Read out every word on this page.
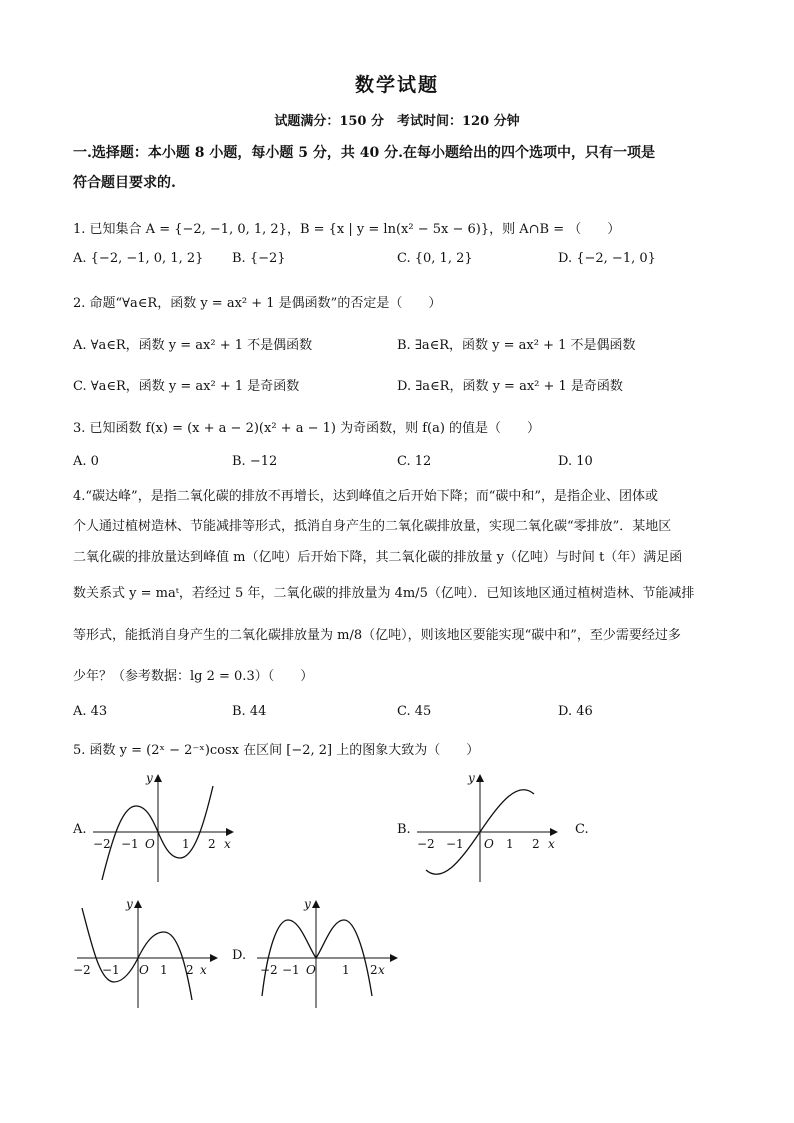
数学试题
试题满分：150 分　考试时间：120 分钟
一.选择题：本小题 8 小题，每小题 5 分，共 40 分.在每小题给出的四个选项中，只有一项是
符合题目要求的.
1. 已知集合 A = {−2, −1, 0, 1, 2}，B = {x | y = ln(x² − 5x − 6)}，则 A∩B = （　　）
A. {−2, −1, 0, 1, 2} B. {−2}	C. {0, 1, 2}	D. {−2, −1, 0}
2. 命题“∀a∈R，函数 y = ax² + 1 是偶函数”的否定是（　　）
A. ∀a∈R，函数 y = ax² + 1 不是偶函数	B. ∃a∈R，函数 y = ax² + 1 不是偶函数
C. ∀a∈R，函数 y = ax² + 1 是奇函数	D. ∃a∈R，函数 y = ax² + 1 是奇函数
3. 已知函数 f(x) = (x + a − 2)(x² + a − 1) 为奇函数，则 f(a) 的值是（　　）
A. 0	B. −12	C. 12	D. 10
4.“碳达峰”，是指二氧化碳的排放不再增长，达到峰值之后开始下降；而“碳中和”，是指企业、团体或
个人通过植树造林、节能减排等形式，抵消自身产生的二氧化碳排放量，实现二氧化碳“零排放”．某地区
二氧化碳的排放量达到峰值 m（亿吨）后开始下降，其二氧化碳的排放量 y（亿吨）与时间 t（年）满足函
数关系式 y = maᵗ，若经过 5 年，二氧化碳的排放量为 4m/5（亿吨）．已知该地区通过植树造林、节能减排
等形式，能抵消自身产生的二氧化碳排放量为 m/8（亿吨），则该地区要能实现“碳中和”，至少需要经过多
少年？（参考数据：lg 2 = 0.3）（　　）
A. 43	B. 44	C. 45	D. 46
5. 函数 y = (2ˣ − 2⁻ˣ)cosx 在区间 [−2, 2] 上的图象大致为（　　）
A.	B.	C.
D.
y
x
O
−2 −1	1 2
y
x
O
−2 −1	1 2
y
x
O
−2 −1	1 2
y
x
O
−2 −1	1 2
